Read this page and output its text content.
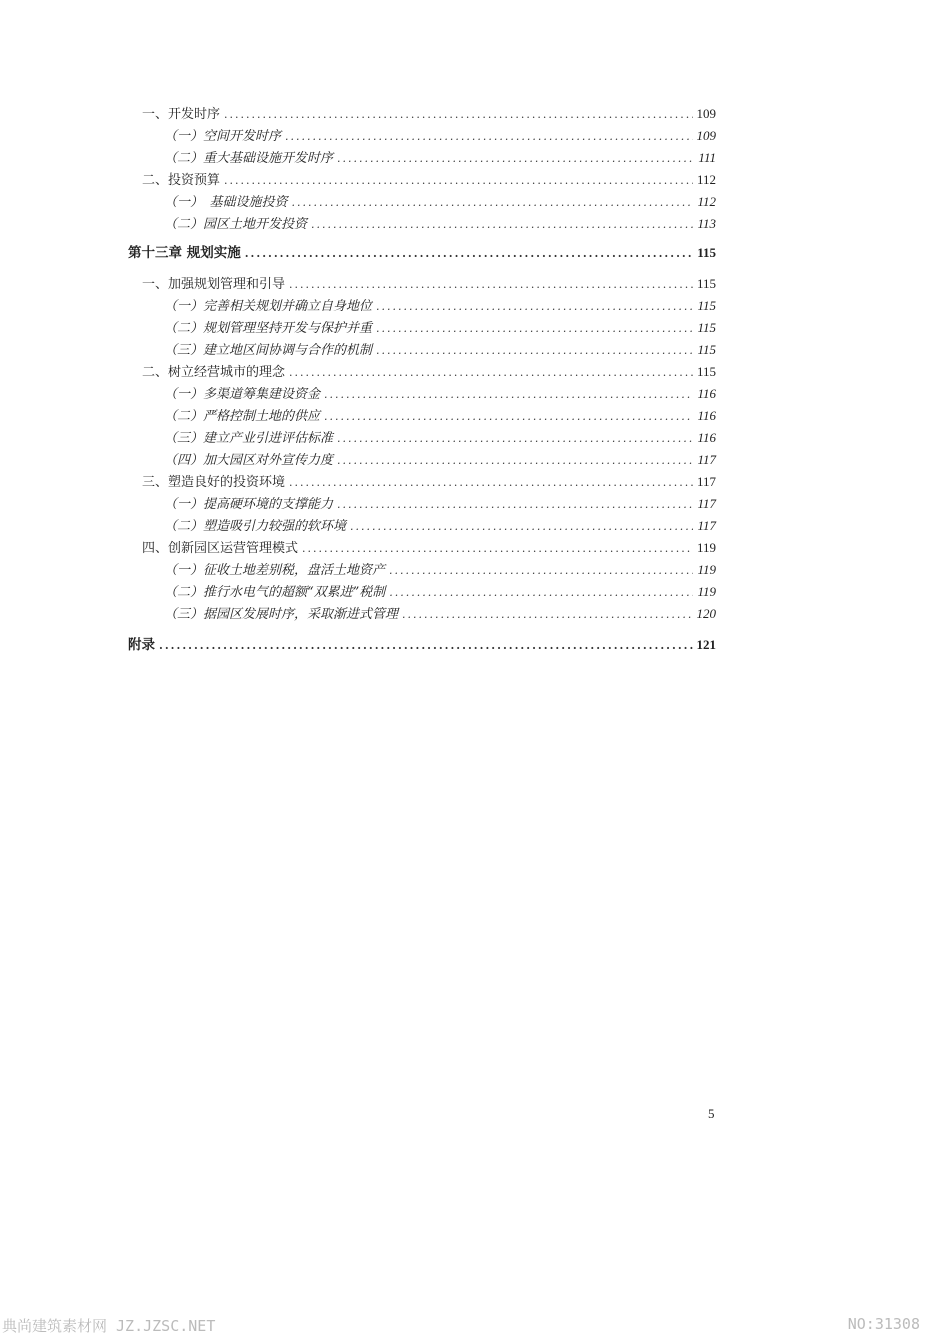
一、开发时序 .....	109
（一）空间开发时序 .....	109
（二）重大基础设施开发时序 .....	111
二、投资预算 .....	112
（一）　基础设施投资 .....	112
（二）园区土地开发投资 .....	113
第十三章 规划实施 .....	115
一、加强规划管理和引导 .....	115
（一）完善相关规划并确立自身地位 .....	115
（二）规划管理坚持开发与保护并重 .....	115
（三）建立地区间协调与合作的机制 .....	115
二、树立经营城市的理念 .....	115
（一）多渠道筹集建设资金 .....	116
（二）严格控制土地的供应 .....	116
（三）建立产业引进评估标准 .....	116
（四）加大园区对外宣传力度 .....	117
三、塑造良好的投资环境 .....	117
（一）提高硬环境的支撑能力 .....	117
（二）塑造吸引力较强的软环境 .....	117
四、创新园区运营管理模式 .....	119
（一）征收土地差别税，盘活土地资产 .....	119
（二）推行水电气的超额“双累进”税制 .....	119
（三）据园区发展时序，采取渐进式管理 .....	120
附录 .....	121
5
典尚建筑素材网 JZ.JZSC.NET	NO:31308
